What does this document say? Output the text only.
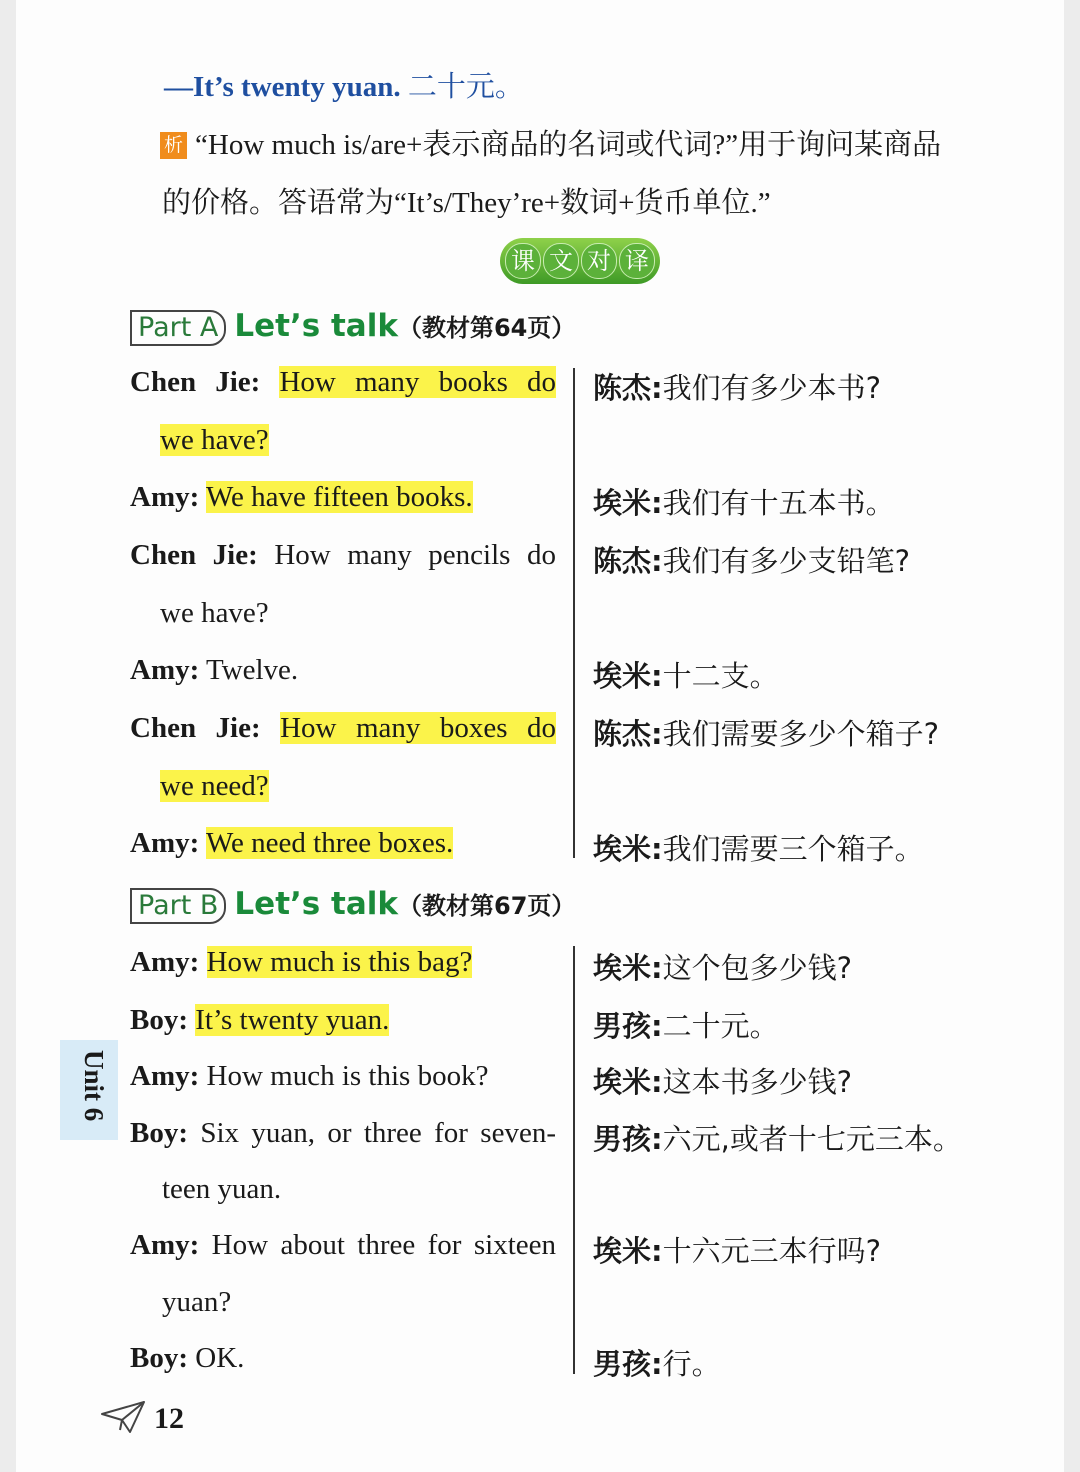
—It’s twenty yuan. 二十元。
析 “How much is/are+表示商品的名词或代词?”用于询问某商品
的价格。答语常为“It’s/They’re+数词+货币单位.”
课 文 对 译
Part A Let’s talk（教材第64页）
Chen Jie: How many books do
we have?
Amy: We have fifteen books.
Chen Jie: How many pencils do
we have?
Amy: Twelve.
Chen Jie: How many boxes do
we need?
Amy: We need three boxes.
陈杰:我们有多少本书?
埃米:我们有十五本书。
陈杰:我们有多少支铅笔?
埃米:十二支。
陈杰:我们需要多少个箱子?
埃米:我们需要三个箱子。
Part B Let’s talk（教材第67页）
Amy: How much is this bag?
Boy: It’s twenty yuan.
Amy: How much is this book?
Boy: Six yuan, or three for seven-
teen yuan.
Amy: How about three for sixteen
yuan?
Boy: OK.
埃米:这个包多少钱?
男孩:二十元。
埃米:这本书多少钱?
男孩:六元,或者十七元三本。
埃米:十六元三本行吗?
男孩:行。
Unit 6
12
